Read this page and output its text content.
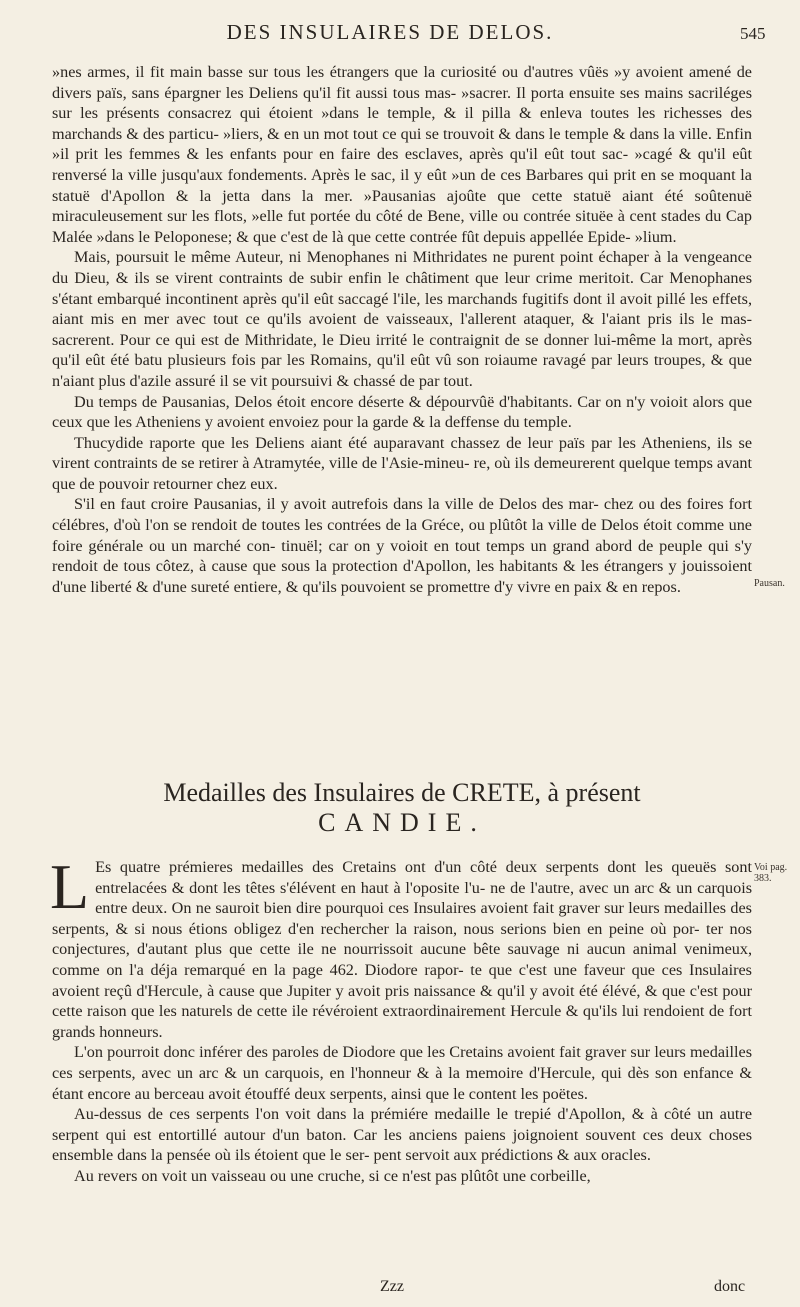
DES INSULAIRES DE DELOS.	545

»nes armes, il fit main basse sur tous les étrangers que la curiosité ou d'autres vûës »y avoient amené de divers païs, sans épargner les Deliens qu'il fit aussi tous mas- »sacrer. Il porta ensuite ses mains sacriléges sur les présents consacrez qui étoient »dans le temple, & il pilla & enleva toutes les richesses des marchands & des particu- »liers, & en un mot tout ce qui se trouvoit & dans le temple & dans la ville. Enfin »il prit les femmes & les enfants pour en faire des esclaves, après qu'il eût tout sac- »cagé & qu'il eût renversé la ville jusqu'aux fondements. Après le sac, il y eût »un de ces Barbares qui prit en se moquant la statuë d'Apollon & la jetta dans la mer. »Pausanias ajoûte que cette statuë aiant été soûtenuë miraculeusement sur les flots, »elle fut portée du côté de Bene, ville ou contrée situëe à cent stades du Cap Malée »dans le Peloponese; & que c'est de là que cette contrée fût depuis appellée Epide- »lium.

Mais, poursuit le même Auteur, ni Menophanes ni Mithridates ne purent point échaper à la vengeance du Dieu, & ils se virent contraints de subir enfin le châtiment que leur crime meritoit. Car Menophanes s'étant embarqué incontinent après qu'il eût saccagé l'ile, les marchands fugitifs dont il avoit pillé les effets, aiant mis en mer avec tout ce qu'ils avoient de vaisseaux, l'allerent ataquer, & l'aiant pris ils le mas- sacrerent. Pour ce qui est de Mithridate, le Dieu irrité le contraignit de se donner lui-même la mort, après qu'il eût été batu plusieurs fois par les Romains, qu'il eût vû son roiaume ravagé par leurs troupes, & que n'aiant plus d'azile assuré il se vit poursuivi & chassé de par tout.

Du temps de Pausanias, Delos étoit encore déserte & dépourvûë d'habitants. Car on n'y voioit alors que ceux que les Atheniens y avoient envoiez pour la garde & la deffense du temple.

Thucydide raporte que les Deliens aiant été auparavant chassez de leur païs par les Atheniens, ils se virent contraints de se retirer à Atramytée, ville de l'Asie-mineu- re, où ils demeurerent quelque temps avant que de pouvoir retourner chez eux.

S'il en faut croire Pausanias, il y avoit autrefois dans la ville de Delos des mar- chez ou des foires fort célébres, d'où l'on se rendoit de toutes les contrées de la Gréce, ou plûtôt la ville de Delos étoit comme une foire générale ou un marché con- tinuël; car on y voioit en tout temps un grand abord de peuple qui s'y rendoit de tous côtez, à cause que sous la protection d'Apollon, les habitants & les étrangers y jouissoient d'une liberté & d'une sureté entiere, & qu'ils pouvoient se promettre d'y vivre en paix & en repos.	Pausan.
Medailles des Insulaires de CRETE, à présent
CANDIE.
Voi pag. 383.

L Es quatre prémieres medailles des Cretains ont d'un côté deux serpents dont les queuës sont entrelacées & dont les têtes s'élévent en haut à l'oposite l'u- ne de l'autre, avec un arc & un carquois entre deux. On ne sauroit bien dire pourquoi ces Insulaires avoient fait graver sur leurs medailles des serpents, & si nous étions obligez d'en rechercher la raison, nous serions bien en peine où por- ter nos conjectures, d'autant plus que cette ile ne nourrissoit aucune bête sauvage ni aucun animal venimeux, comme on l'a déja remarqué en la page 462. Diodore rapor- te que c'est une faveur que ces Insulaires avoient reçû d'Hercule, à cause que Jupiter y avoit pris naissance & qu'il y avoit été élévé, & que c'est pour cette raison que les naturels de cette ile révéroient extraordinairement Hercule & qu'ils lui rendoient de fort grands honneurs.

L'on pourroit donc inférer des paroles de Diodore que les Cretains avoient fait graver sur leurs medailles ces serpents, avec un arc & un carquois, en l'honneur & à la memoire d'Hercule, qui dès son enfance & étant encore au berceau avoit étouffé deux serpents, ainsi que le content les poëtes.

Au-dessus de ces serpents l'on voit dans la prémiére medaille le trepié d'Apollon, & à côté un autre serpent qui est entortillé autour d'un baton. Car les anciens paiens joignoient souvent ces deux choses ensemble dans la pensée où ils étoient que le ser- pent servoit aux prédictions & aux oracles.

Au revers on voit un vaisseau ou une cruche, si ce n'est pas plûtôt une corbeille,

Zzz	donc
